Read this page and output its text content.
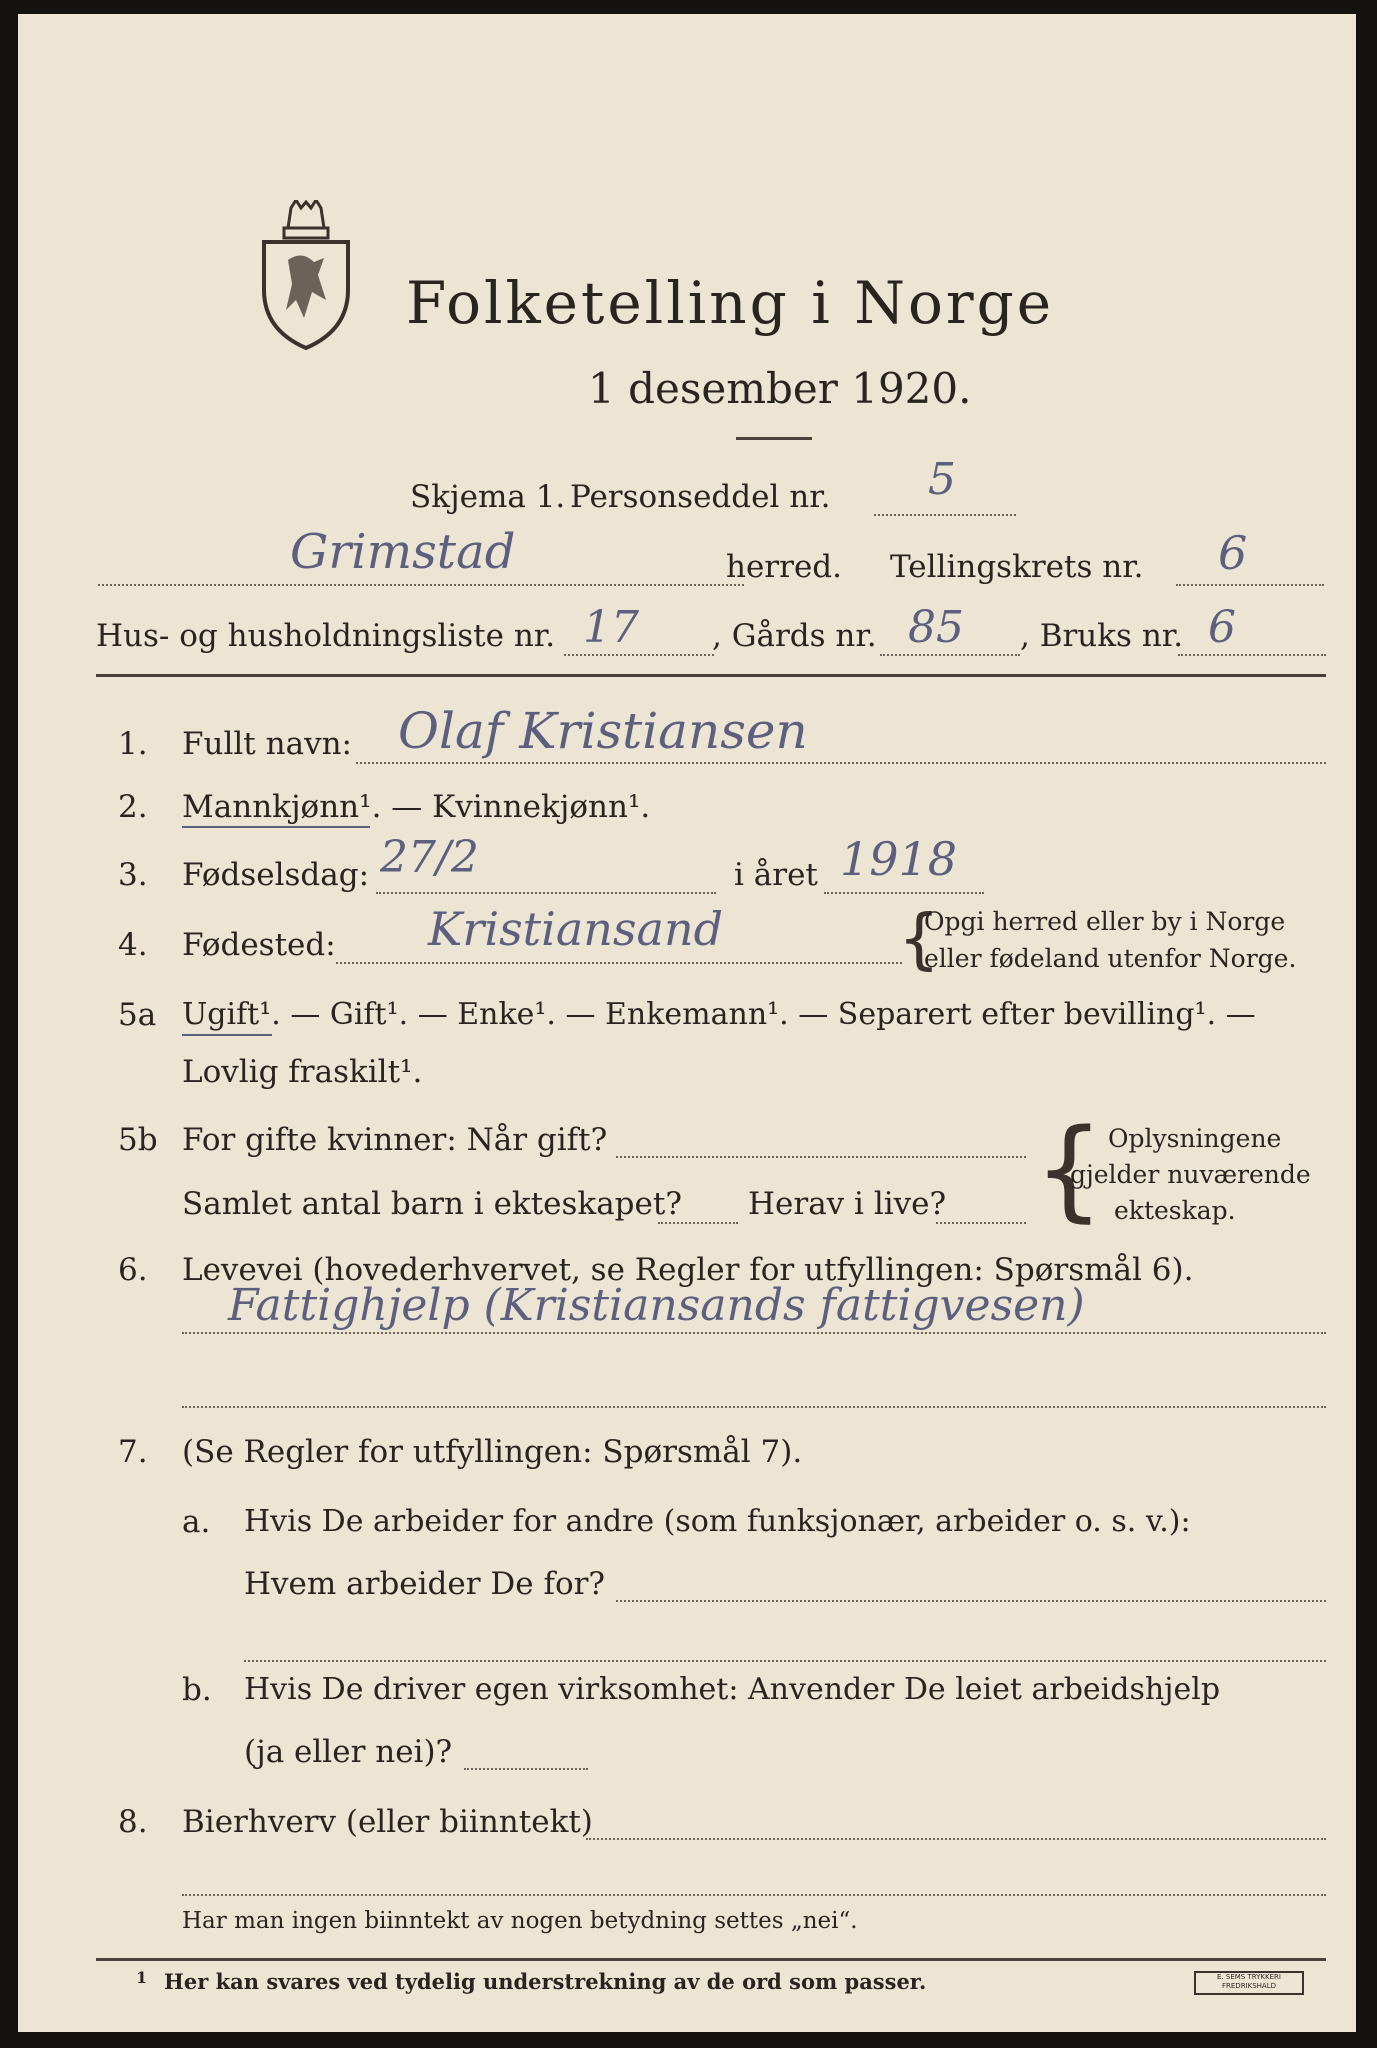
Folketelling i Norge
1 desember 1920.
Skjema 1. Personseddel nr. 5
Grimstad	herred. Tellingskrets nr. 6
Hus- og husholdningsliste nr. 17 , Gårds nr. 85 , Bruks nr. 6
1. Fullt navn: Olaf Kristiansen
2. Mannkjønn¹. — Kvinnekjønn¹.
3. Fødselsdag: 27/2	i året 1918
4. Fødested: Kristiansand	{
Opgi herred eller by i Norge
eller fødeland utenfor Norge.
5a Ugift¹. — Gift¹. — Enke¹. — Enkemann¹. — Separert efter bevilling¹. —
Lovlig fraskilt¹.
5b For gifte kvinner: Når gift?
Samlet antal barn i ekteskapet? Herav i live? { Oplysningene
gjelder nuværende
ekteskap.
6. Levevei (hovederhvervet, se Regler for utfyllingen: Spørsmål 6).
Fattighjelp (Kristiansands fattigvesen)
7. (Se Regler for utfyllingen: Spørsmål 7).
a. Hvis De arbeider for andre (som funksjonær, arbeider o. s. v.):
Hvem arbeider De for?
b. Hvis De driver egen virksomhet: Anvender De leiet arbeidshjelp
(ja eller nei)?
8. Bierhverv (eller biinntekt)
Har man ingen biinntekt av nogen betydning settes „nei“.
1 Her kan svares ved tydelig understrekning av de ord som passer.	E. SEMS TRYKKERI FREDRIKSHALD
